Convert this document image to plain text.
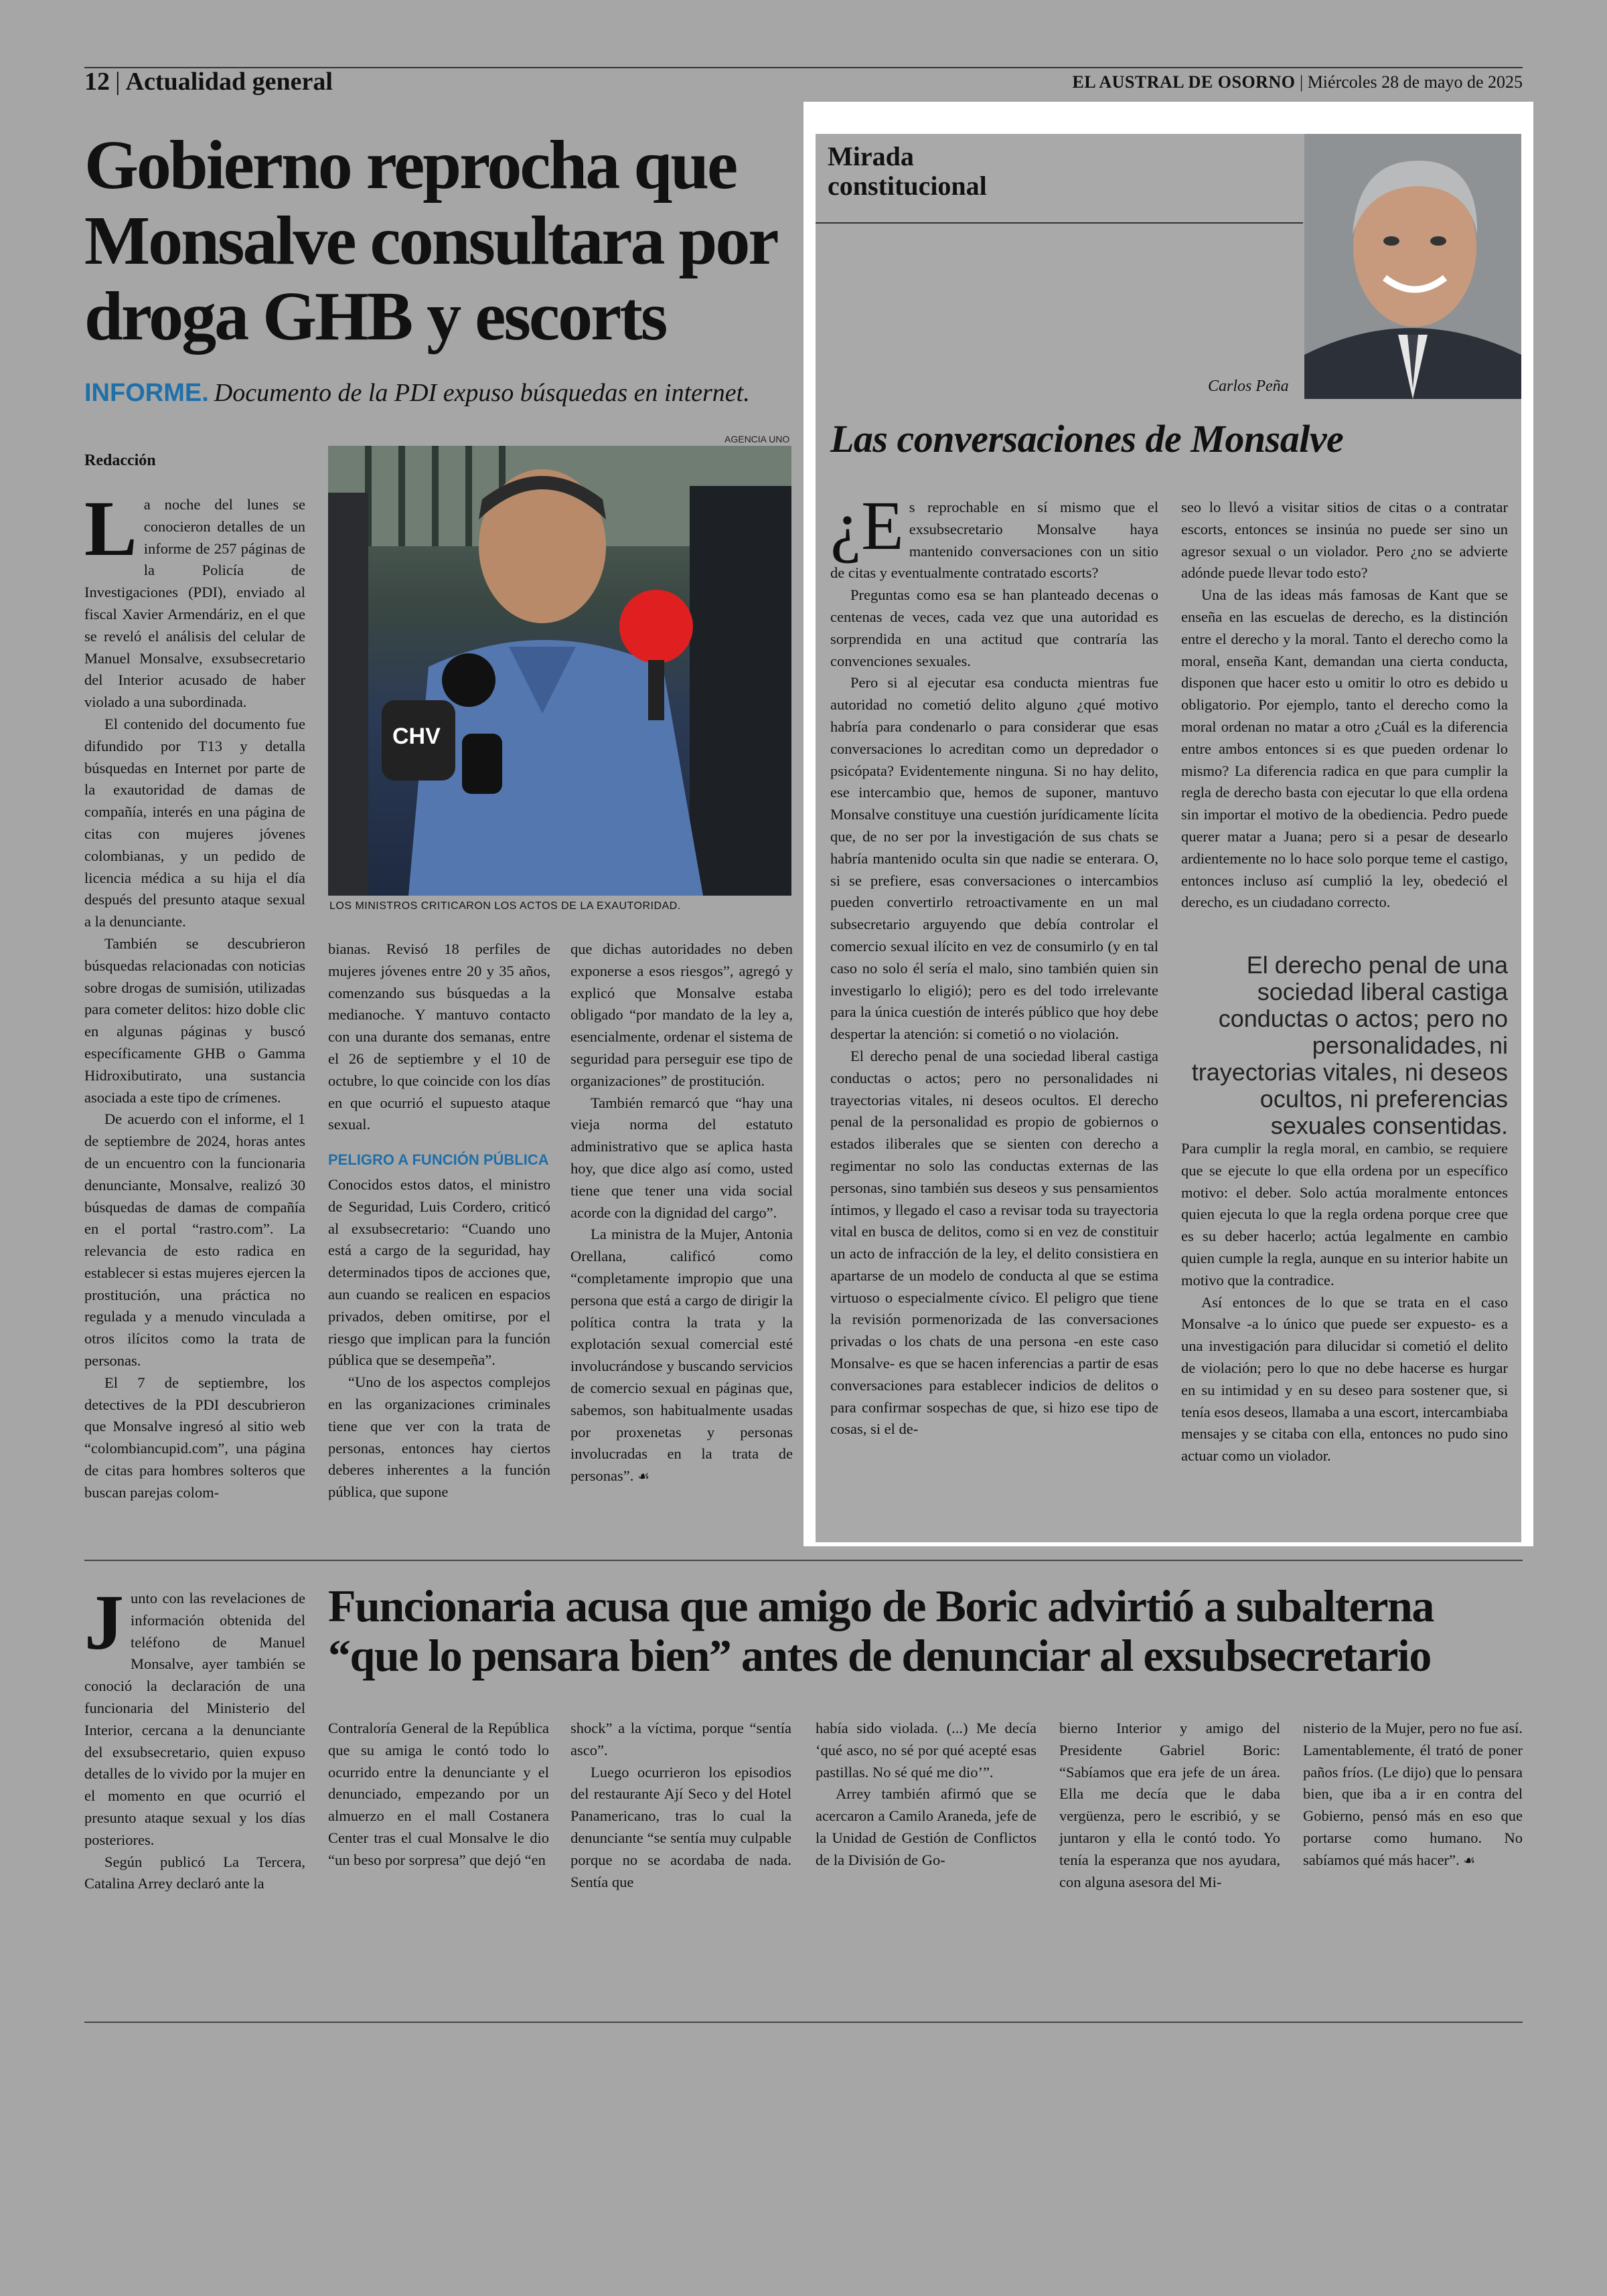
12 | Actualidad general	EL AUSTRAL DE OSORNO | Miércoles 28 de mayo de 2025
Gobierno reprocha que Monsalve consultara por droga GHB y escorts
INFORME. Documento de la PDI expuso búsquedas en internet.
Redacción
AGENCIA UNO
CHV
LOS MINISTROS CRITICARON LOS ACTOS DE LA EXAUTORIDAD.

La noche del lunes se conocieron detalles de un informe de 257 páginas de la Policía de Investigaciones (PDI), enviado al fiscal Xavier Armendáriz, en el que se reveló el análisis del celular de Manuel Monsalve, exsubsecretario del Interior acusado de haber violado a una subordinada.

El contenido del documento fue difundido por T13 y detalla búsquedas en Internet por parte de la exautoridad de damas de compañía, interés en una página de citas con mujeres jóvenes colombianas, y un pedido de licencia médica a su hija el día después del presunto ataque sexual a la denunciante.

También se descubrieron búsquedas relacionadas con noticias sobre drogas de sumisión, utilizadas para cometer delitos: hizo doble clic en algunas páginas y buscó específicamente GHB o Gamma Hidroxibutirato, una sustancia asociada a este tipo de crímenes.

De acuerdo con el informe, el 1 de septiembre de 2024, horas antes de un encuentro con la funcionaria denunciante, Monsalve, realizó 30 búsquedas de damas de compañía en el portal “rastro.com”. La relevancia de esto radica en establecer si estas mujeres ejercen la prostitución, una práctica no regulada y a menudo vinculada a otros ilícitos como la trata de personas.

El 7 de septiembre, los detectives de la PDI descubrieron que Monsalve ingresó al sitio web “colombiancupid.com”, una página de citas para hombres solteros que buscan parejas colom-

bianas. Revisó 18 perfiles de mujeres jóvenes entre 20 y 35 años, comenzando sus búsquedas a la medianoche. Y mantuvo contacto con una durante dos semanas, entre el 26 de septiembre y el 10 de octubre, lo que coincide con los días en que ocurrió el supuesto ataque sexual.

PELIGRO A FUNCIÓN PÚBLICA

Conocidos estos datos, el ministro de Seguridad, Luis Cordero, criticó al exsubsecretario: “Cuando uno está a cargo de la seguridad, hay determinados tipos de acciones que, aun cuando se realicen en espacios privados, deben omitirse, por el riesgo que implican para la función pública que se desempeña”.

“Uno de los aspectos complejos en las organizaciones criminales tiene que ver con la trata de personas, entonces hay ciertos deberes inherentes a la función pública, que supone

que dichas autoridades no deben exponerse a esos riesgos”, agregó y explicó que Monsalve estaba obligado “por mandato de la ley a, esencialmente, ordenar el sistema de seguridad para perseguir ese tipo de organizaciones” de prostitución.

También remarcó que “hay una vieja norma del estatuto administrativo que se aplica hasta hoy, que dice algo así como, usted tiene que tener una vida social acorde con la dignidad del cargo”.

La ministra de la Mujer, Antonia Orellana, calificó como “completamente impropio que una persona que está a cargo de dirigir la política contra la trata y la explotación sexual comercial esté involucrándose y buscando servicios de comercio sexual en páginas que, sabemos, son habitualmente usadas por proxenetas y personas involucradas en la trata de personas”. ☙

Mirada constitucional
Carlos Peña
Las conversaciones de Monsalve

¿E s reprochable en sí mismo que el exsubsecretario Monsalve haya mantenido conversaciones con un sitio de citas y eventualmente contratado escorts?

Preguntas como esa se han planteado decenas o centenas de veces, cada vez que una autoridad es sorprendida en una actitud que contraría las convenciones sexuales.

Pero si al ejecutar esa conducta mientras fue autoridad no cometió delito alguno ¿qué motivo habría para condenarlo o para considerar que esas conversaciones lo acreditan como un depredador o psicópata? Evidentemente ninguna. Si no hay delito, ese intercambio que, hemos de suponer, mantuvo Monsalve constituye una cuestión jurídicamente lícita que, de no ser por la investigación de sus chats se habría mantenido oculta sin que nadie se enterara. O, si se prefiere, esas conversaciones o intercambios pueden convertirlo retroactivamente en un mal subsecretario arguyendo que debía controlar el comercio sexual ilícito en vez de consumirlo (y en tal caso no solo él sería el malo, sino también quien sin investigarlo lo eligió); pero es del todo irrelevante para la única cuestión de interés público que hoy debe despertar la atención: si cometió o no violación.

El derecho penal de una sociedad liberal castiga conductas o actos; pero no personalidades ni trayectorias vitales, ni deseos ocultos. El derecho penal de la personalidad es propio de gobiernos o estados iliberales que se sienten con derecho a regimentar no solo las conductas externas de las personas, sino también sus deseos y sus pensamientos íntimos, y llegado el caso a revisar toda su trayectoria vital en busca de delitos, como si en vez de constituir un acto de infracción de la ley, el delito consistiera en apartarse de un modelo de conducta al que se estima virtuoso o especialmente cívico. El peligro que tiene la revisión pormenorizada de las conversaciones privadas o los chats de una persona -en este caso Monsalve- es que se hacen inferencias a partir de esas conversaciones para establecer indicios de delitos o para confirmar sospechas de que, si hizo ese tipo de cosas, si el de-

seo lo llevó a visitar sitios de citas o a contratar escorts, entonces se insinúa no puede ser sino un agresor sexual o un violador. Pero ¿no se advierte adónde puede llevar todo esto?

Una de las ideas más famosas de Kant que se enseña en las escuelas de derecho, es la distinción entre el derecho y la moral. Tanto el derecho como la moral, enseña Kant, demandan una cierta conducta, disponen que hacer esto u omitir lo otro es debido u obligatorio. Por ejemplo, tanto el derecho como la moral ordenan no matar a otro ¿Cuál es la diferencia entre ambos entonces si es que pueden ordenar lo mismo? La diferencia radica en que para cumplir la regla de derecho basta con ejecutar lo que ella ordena sin importar el motivo de la obediencia. Pedro puede querer matar a Juana; pero si a pesar de desearlo ardientemente no lo hace solo porque teme el castigo, entonces incluso así cumplió la ley, obedeció el derecho, es un ciudadano correcto.

El derecho penal de una sociedad liberal castiga conductas o actos; pero no personalidades, ni trayectorias vitales, ni deseos ocultos, ni preferencias sexuales consentidas.

Para cumplir la regla moral, en cambio, se requiere que se ejecute lo que ella ordena por un específico motivo: el deber. Solo actúa moralmente entonces quien ejecuta lo que la regla ordena porque cree que es su deber hacerlo; actúa legalmente en cambio quien cumple la regla, aunque en su interior habite un motivo que la contradice.

Así entonces de lo que se trata en el caso Monsalve -a lo único que puede ser expuesto- es a una investigación para dilucidar si cometió el delito de violación; pero lo que no debe hacerse es hurgar en su intimidad y en su deseo para sostener que, si tenía esos deseos, llamaba a una escort, intercambiaba mensajes y se citaba con ella, entonces no pudo sino actuar como un violador.

Funcionaria acusa que amigo de Boric advirtió a subalterna “que lo pensara bien” antes de denunciar al exsubsecretario

Junto con las revelaciones de información obtenida del teléfono de Manuel Monsalve, ayer también se conoció la declaración de una funcionaria del Ministerio del Interior, cercana a la denunciante del exsubsecretario, quien expuso detalles de lo vivido por la mujer en el momento en que ocurrió el presunto ataque sexual y los días posteriores.

Según publicó La Tercera, Catalina Arrey declaró ante la

Contraloría General de la República que su amiga le contó todo lo ocurrido entre la denunciante y el denunciado, empezando por un almuerzo en el mall Costanera Center tras el cual Monsalve le dio “un beso por sorpresa” que dejó “en

shock” a la víctima, porque “sentía asco”.

Luego ocurrieron los episodios del restaurante Ají Seco y del Hotel Panamericano, tras lo cual la denunciante “se sentía muy culpable porque no se acordaba de nada. Sentía que

había sido violada. (...) Me decía ‘qué asco, no sé por qué acepté esas pastillas. No sé qué me dio’”.

Arrey también afirmó que se acercaron a Camilo Araneda, jefe de la Unidad de Gestión de Conflictos de la División de Go-

bierno Interior y amigo del Presidente Gabriel Boric: “Sabíamos que era jefe de un área. Ella me decía que le daba vergüenza, pero le escribió, y se juntaron y ella le contó todo. Yo tenía la esperanza que nos ayudara, con alguna asesora del Mi-

nisterio de la Mujer, pero no fue así. Lamentablemente, él trató de poner paños fríos. (Le dijo) que lo pensara bien, que iba a ir en contra del Gobierno, pensó más en eso que portarse como humano. No sabíamos qué más hacer”. ☙
